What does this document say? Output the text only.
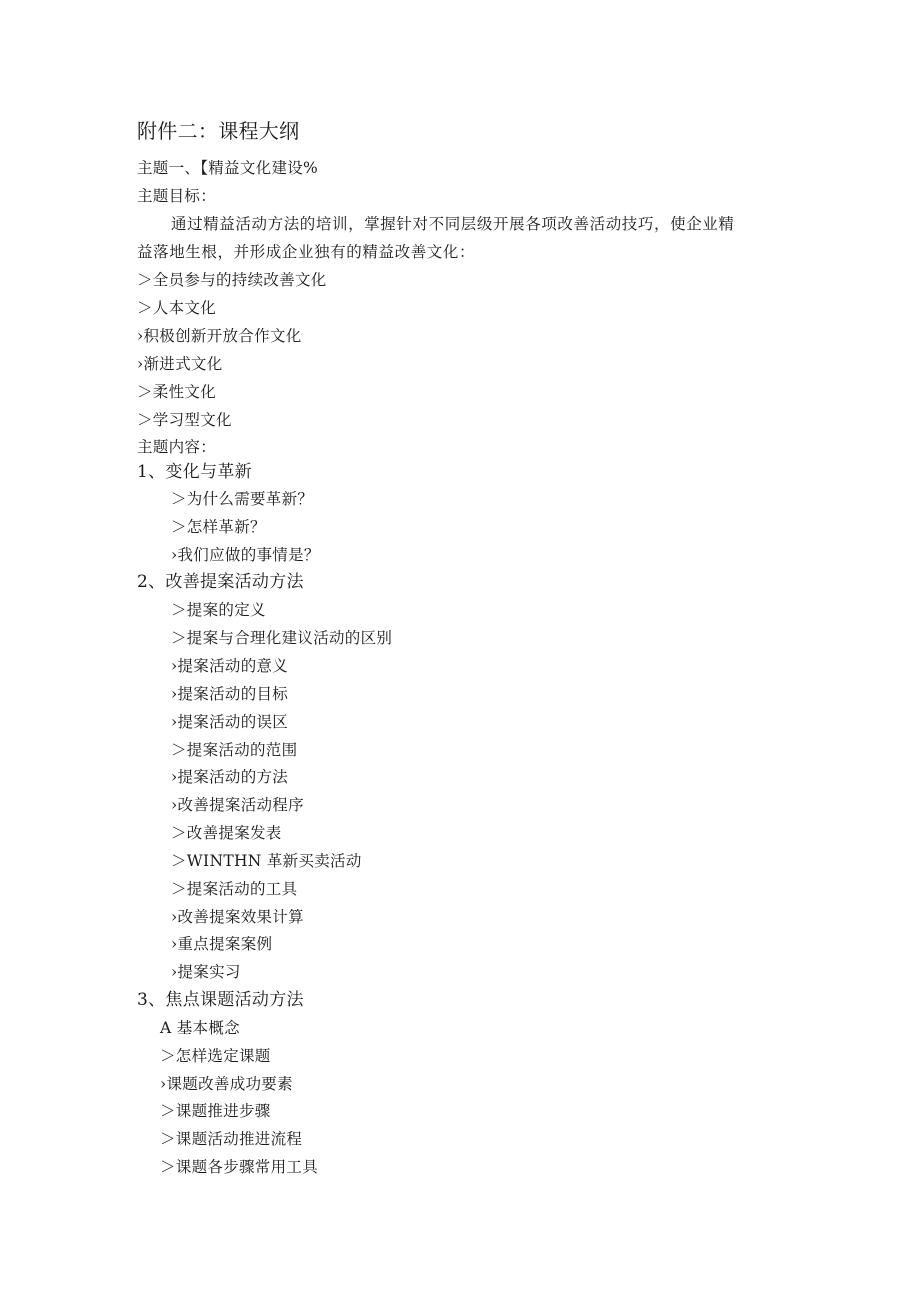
附件二：课程大纲
主题一、【精益文化建设%
主题目标：
通过精益活动方法的培训，掌握针对不同层级开展各项改善活动技巧，使企业精
益落地生根，并形成企业独有的精益改善文化：
＞全员参与的持续改善文化
＞人本文化
›积极创新开放合作文化
›渐进式文化
＞柔性文化
＞学习型文化
主题内容：
1、变化与革新
＞为什么需要革新？
＞怎样革新？
›我们应做的事情是？
2、改善提案活动方法
＞提案的定义
＞提案与合理化建议活动的区别
›提案活动的意义
›提案活动的目标
›提案活动的误区
＞提案活动的范围
›提案活动的方法
›改善提案活动程序
＞改善提案发表
＞WINTHN 革新买卖活动
＞提案活动的工具
›改善提案效果计算
›重点提案案例
›提案实习
3、焦点课题活动方法
A 基本概念
＞怎样选定课题
›课题改善成功要素
＞课题推进步骤
＞课题活动推进流程
＞课题各步骤常用工具
